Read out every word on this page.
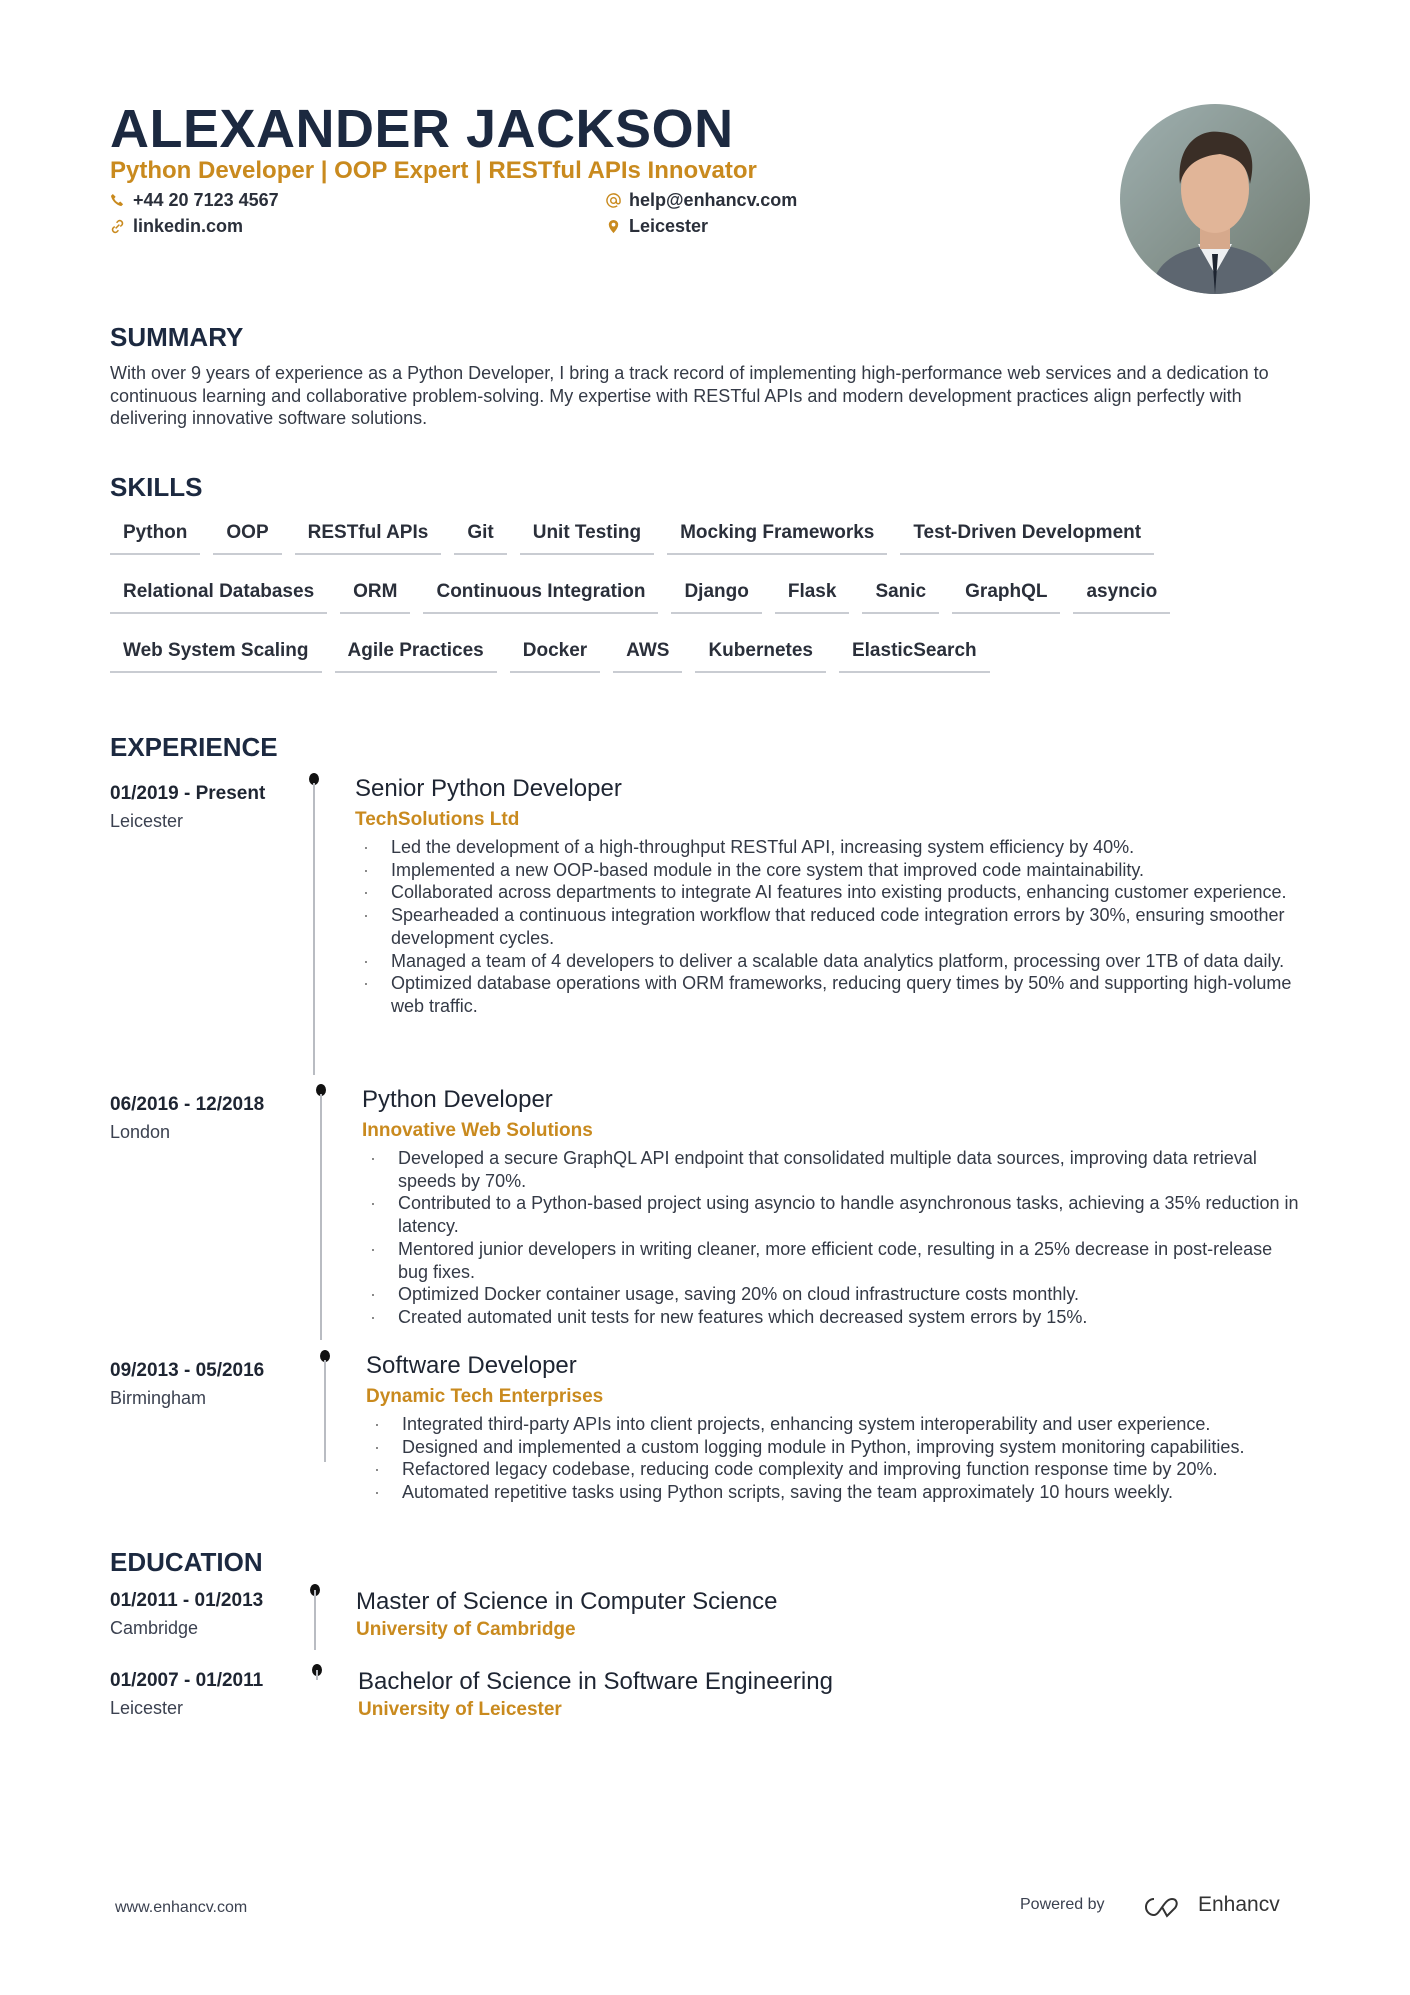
ALEXANDER JACKSON
Python Developer | OOP Expert | RESTful APIs Innovator
+44 20 7123 4567
linkedin.com
help@enhancv.com
Leicester
SUMMARY
With over 9 years of experience as a Python Developer, I bring a track record of implementing high-performance web services and a dedication to continuous learning and collaborative problem-solving. My expertise with RESTful APIs and modern development practices align perfectly with delivering innovative software solutions.
SKILLS
Python	OOP	RESTful APIs	Git	Unit Testing	Mocking Frameworks	Test-Driven Development
Relational Databases	ORM	Continuous Integration	Django	Flask	Sanic	GraphQL	asyncio
Web System Scaling	Agile Practices	Docker	AWS	Kubernetes	ElasticSearch
EXPERIENCE
01/2019 - Present
Leicester
Senior Python Developer
TechSolutions Ltd
· Led the development of a high-throughput RESTful API, increasing system efficiency by 40%.
· Implemented a new OOP-based module in the core system that improved code maintainability.
· Collaborated across departments to integrate AI features into existing products, enhancing customer experience.
· Spearheaded a continuous integration workflow that reduced code integration errors by 30%, ensuring smoother development cycles.
· Managed a team of 4 developers to deliver a scalable data analytics platform, processing over 1TB of data daily.
· Optimized database operations with ORM frameworks, reducing query times by 50% and supporting high-volume web traffic.
06/2016 - 12/2018
London
Python Developer
Innovative Web Solutions
· Developed a secure GraphQL API endpoint that consolidated multiple data sources, improving data retrieval speeds by 70%.
· Contributed to a Python-based project using asyncio to handle asynchronous tasks, achieving a 35% reduction in latency.
· Mentored junior developers in writing cleaner, more efficient code, resulting in a 25% decrease in post-release bug fixes.
· Optimized Docker container usage, saving 20% on cloud infrastructure costs monthly.
· Created automated unit tests for new features which decreased system errors by 15%.
09/2013 - 05/2016
Birmingham
Software Developer
Dynamic Tech Enterprises
· Integrated third-party APIs into client projects, enhancing system interoperability and user experience.
· Designed and implemented a custom logging module in Python, improving system monitoring capabilities.
· Refactored legacy codebase, reducing code complexity and improving function response time by 20%.
· Automated repetitive tasks using Python scripts, saving the team approximately 10 hours weekly.
EDUCATION
01/2011 - 01/2013
Cambridge
Master of Science in Computer Science
University of Cambridge
01/2007 - 01/2011
Leicester
Bachelor of Science in Software Engineering
University of Leicester
www.enhancv.com	Powered by	Enhancv
